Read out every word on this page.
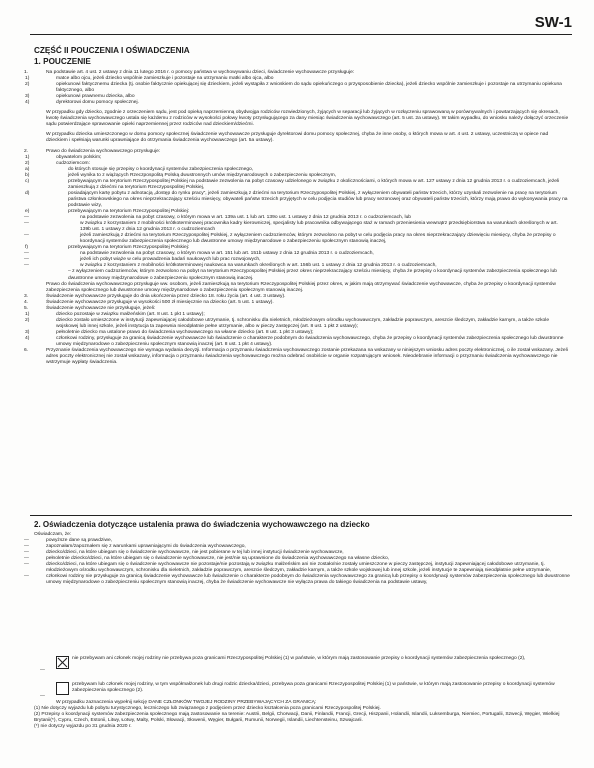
SW-1
CZĘŚĆ II POUCZENIA I OŚWIADCZENIA
1. POUCZENIE

1.	Na podstawie art. 4 ust. 2 ustawy z dnia 11 lutego 2016 r. o pomocy państwa w wychowywaniu dzieci, świadczenie wychowawcze przysługuje:

1)	matce albo ojcu, jeżeli dziecko wspólnie zamieszkuje i pozostaje na utrzymaniu matki albo ojca, albo

2)	opiekunowi faktycznemu dziecka (tj. osobie faktycznie opiekującej się dzieckiem, jeżeli wystąpiła z wnioskiem do sądu opiekuńczego o przysposobienie dziecka), jeżeli dziecko wspólnie zamieszkuje i pozostaje na utrzymaniu opiekuna faktycznego, albo

3)	opiekunowi prawnemu dziecka, albo

4)	dyrektorowi domu pomocy społecznej.

W przypadku gdy dziecko, zgodnie z orzeczeniem sądu, jest pod opieką naprzemienną obydwojga rodziców rozwiedzionych, żyjących w separacji lub żyjących w rozłączeniu sprawowaną w porównywalnych i powtarzających się okresach, kwotę świadczenia wychowawczego ustala się każdemu z rodziców w wysokości połowy kwoty przysługującego za dany miesiąc świadczenia wychowawczego (art. 5 ust. 2a ustawy). W takim wypadku, do wniosku należy dołączyć orzeczenie sądu potwierdzające sprawowanie opieki naprzemiennej przez rodziców nad dzieckiem/dziećmi.

W przypadku dziecka umieszczonego w domu pomocy społecznej świadczenie wychowawcze przysługuje dyrektorowi domu pomocy społecznej, chyba że inne osoby, o których mowa w art. 4 ust. 2 ustawy, uczestniczą w opiece nad dzieckiem i spełniają warunki uprawniające do otrzymania świadczenia wychowawczego (art. 5a ustawy).

2.	Prawo do świadczenia wychowawczego przysługuje:

1)	obywatelom polskim;

2)	cudzoziemcom:

a)	do których stosuje się przepisy o koordynacji systemów zabezpieczenia społecznego,

b)	jeżeli wynika to z wiążących Rzeczpospolitą Polską dwustronnych umów międzynarodowych o zabezpieczeniu społecznym,

c)	przebywającym na terytorium Rzeczypospolitej Polskiej na podstawie zezwolenia na pobyt czasowy udzielonego w związku z okolicznościami, o których mowa w art. 127 ustawy z dnia 12 grudnia 2013 r. o cudzoziemcach, jeżeli zamieszkują z dziećmi na terytorium Rzeczypospolitej Polskiej,

d)	posiadającym kartę pobytu z adnotacją „dostęp do rynku pracy”, jeżeli zamieszkują z dziećmi na terytorium Rzeczypospolitej Polskiej, z wyłączeniem obywateli państw trzecich, którzy uzyskali zezwolenie na pracę na terytorium państwa członkowskiego na okres nieprzekraczający sześciu miesięcy, obywateli państw trzecich przyjętych w celu podjęcia studiów lub pracy sezonowej oraz obywateli państw trzecich, którzy mają prawo do wykonywania pracy na podstawie wizy,

e)	przebywającym na terytorium Rzeczypospolitej Polskiej:

—	na podstawie zezwolenia na pobyt czasowy, o którym mowa w art. 139a ust. 1 lub art. 139o ust. 1 ustawy z dnia 12 grudnia 2013 r. o cudzoziemcach, lub

—	w związku z korzystaniem z mobilności krótkoterminowej pracownika kadry kierowniczej, specjalisty lub pracownika odbywającego staż w ramach przeniesienia wewnątrz przedsiębiorstwa na warunkach określonych w art. 139b ust. 1 ustawy z dnia 12 grudnia 2013 r. o cudzoziemcach

—	jeżeli zamieszkują z dziećmi na terytorium Rzeczypospolitej Polskiej, z wyłączeniem cudzoziemców, którym zezwolono na pobyt w celu podjęcia pracy na okres nieprzekraczający dziewięciu miesięcy, chyba że przepisy o koordynacji systemów zabezpieczenia społecznego lub dwustronne umowy międzynarodowe o zabezpieczeniu społecznym stanowią inaczej,

f)	przebywającym na terytorium Rzeczypospolitej Polskiej:

—	na podstawie zezwolenia na pobyt czasowy, o którym mowa w art. 151 lub art. 151b ustawy z dnia 12 grudnia 2013 r. o cudzoziemcach,

—	jeżeli ich pobyt wiąże w celu prowadzenia badań naukowych lub prac rozwojowych,

—	w związku z korzystaniem z mobilności krótkoterminowej naukowca na warunkach określonych w art. 156b ust. 1 ustawy z dnia 12 grudnia 2013 r. o cudzoziemcach,

– z wyłączeniem cudzoziemców, którym zezwolono na pobyt na terytorium Rzeczypospolitej Polskiej przez okres nieprzekraczający sześciu miesięcy, chyba że przepisy o koordynacji systemów zabezpieczenia społecznego lub dwustronne umowy międzynarodowe o zabezpieczeniu społecznym stanowią inaczej.

Prawo do świadczenia wychowawczego przysługuje ww. osobom, jeżeli zamieszkują na terytorium Rzeczypospolitej Polskiej przez okres, w jakim mają otrzymywać świadczenie wychowawcze, chyba że przepisy o koordynacji systemów zabezpieczenia społecznego lub dwustronne umowy międzynarodowe o zabezpieczeniu społecznym stanowią inaczej.

3.	Świadczenie wychowawcze przysługuje do dnia ukończenia przez dziecko 18. roku życia (art. 4 ust. 3 ustawy).

4.	Świadczenie wychowawcze przysługuje w wysokości 500 zł miesięcznie na dziecko (art. 5 ust. 1 ustawy).

5.	Świadczenie wychowawcze nie przysługuje, jeżeli:

1)	dziecko pozostaje w związku małżeńskim (art. 8 ust. 1 pkt 1 ustawy);

2)	dziecko zostało umieszczone w instytucji zapewniającej całodobowe utrzymanie, tj. schronisku dla nieletnich, młodzieżowym ośrodku wychowawczym, zakładzie poprawczym, areszcie śledczym, zakładzie karnym, a także szkole wojskowej lub innej szkole, jeżeli instytucja ta zapewnia nieodpłatnie pełne utrzymanie, albo w pieczy zastępczej (art. 8 ust. 1 pkt 2 ustawy);

3)	pełnoletnie dziecko ma ustalone prawo do świadczenia wychowawczego na własne dziecko (art. 8 ust. 1 pkt 3 ustawy);

4)	członkowi rodziny, przysługuje za granicą świadczenie wychowawcze lub świadczenie o charakterze podobnym do świadczenia wychowawczego, chyba że przepisy o koordynacji systemów zabezpieczenia społecznego lub dwustronne umowy międzynarodowe o zabezpieczeniu społecznym stanowią inaczej (art. 8 ust. 1 pkt 4 ustawy).

6.	Przyznanie świadczenia wychowawczego nie wymaga wydania decyzji. Informacja o przyznaniu świadczenia wychowawczego zostanie przekazana na wskazany w niniejszym wniosku adres poczty elektronicznej, o ile został wskazany. Jeżeli adres poczty elektronicznej nie został wskazany, informacja o przyznaniu świadczenia wychowawczego można odebrać osobiście w organie rozpatrującym wniosek. Nieodebranie informacji o przyznaniu świadczenia wychowawczego nie wstrzymuje wypłaty świadczenia.

2. Oświadczenia dotyczące ustalenia prawa do świadczenia wychowawczego na dziecko

Oświadczam, że:

—	powyższe dane są prawdziwe,

—	zapoznałam/zapoznałem się z warunkami uprawniającymi do świadczenia wychowawczego,

—	dziecko/dzieci, na które ubiegam się o świadczenie wychowawcze, nie jest pobierane w tej lub innej instytucji świadczenie wychowawcze,

—	pełnoletnie dziecko/dzieci, na które ubiegam się o świadczenie wychowawcze, nie jest/nie są uprawnione do świadczenia wychowawczego na własne dziecko,

—	dziecko/dzieci, na które ubiegam się o świadczenie wychowawcze nie pozostaje/nie pozostają w związku małżeńskim ani nie zostało/nie zostały umieszczone w pieczy zastępczej, instytucji zapewniającej całodobowe utrzymanie, tj. młodzieżowym ośrodku wychowawczym, schronisku dla nieletnich, zakładzie poprawczym, areszcie śledczym, zakładzie karnym, a także szkole wojskowej lub innej szkole, jeżeli instytucje te zapewniają nieodpłatnie pełne utrzymanie,

—	członkowi rodziny nie przysługuje za granicą świadczenie wychowawcze lub świadczenie o charakterze podobnym do świadczenia wychowawczego za granicą lub przepisy o koordynacji systemów zabezpieczenia społecznego lub dwustronne umowy międzynarodowe o zabezpieczeniu społecznym stanowią inaczej, chyba że świadczenie wychowawcze nie wyłącza prawa do takiego świadczenia na podstawie ustawy,

nie przebywam ani członek mojej rodziny nie przebywa poza granicami Rzeczypospolitej Polskiej (1) w państwie, w którym mają zastosowanie przepisy o koordynacji systemów zabezpieczenia społecznego (2),
—
przebywam lub członek mojej rodziny, w tym współmałżonek lub drugi rodzic dziecka/dzieci, przebywa poza granicami Rzeczypospolitej Polskiej (1) w państwie, w którym mają zastosowanie przepisy o koordynacji systemów zabezpieczenia społecznego (2).
—

W przypadku zaznaczenia wypełnij sekcję DANE CZŁONKÓW TWOJEJ RODZINY PRZEBYWAJĄCYCH ZA GRANICĄ:

(1) Nie dotyczy wyjazdu lub pobytu turystycznego, leczniczego lub związanego z podjęciem przez dziecko kształcenia poza granicami Rzeczypospolitej Polskiej.

(2) Przepisy o koordynacji systemów zabezpieczenia społecznego mają zastosowanie na terenie: Austrii, Belgii, Chorwacji, Danii, Finlandii, Francji, Grecji, Hiszpanii, Holandii, Islandii, Luksemburga, Niemiec, Portugalii, Szwecji, Węgier, Wielkiej Brytanii(*), Cypru, Czech, Estonii, Litwy, Łotwy, Malty, Polski, Słowacji, Słowenii, Węgier, Bułgarii, Rumunii, Norwegii, Islandii, Liechtensteinu, Szwajcarii.

(*) nie dotyczy wyjazdu po 31 grudnia 2020 r.
